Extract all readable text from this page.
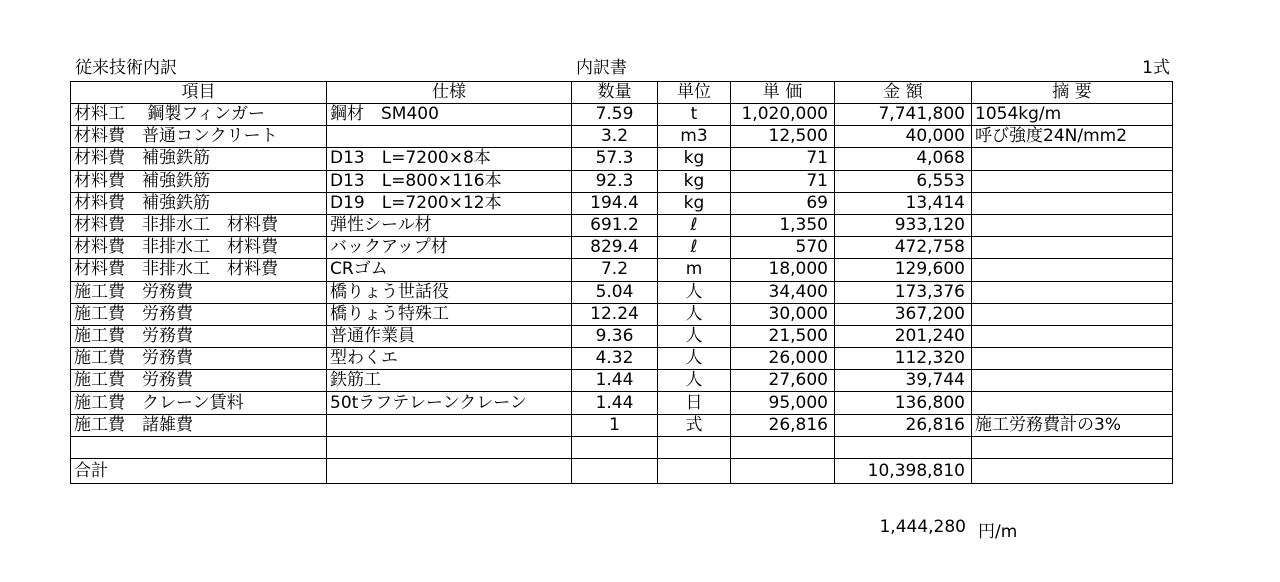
従来技術内訳	内訳書	1式
項目	仕様	数量	単位	単 価	金 額	摘 要
材料工　 鋼製フィンガー	鋼材　SM400	7.59	t	1,020,000	7,741,800	1054kg/m
材料費　普通コンクリート		3.2	m3	12,500	40,000	呼び強度24N/mm2
材料費　補強鉄筋	D13　L=7200×8本	57.3	kg	71	4,068	
材料費　補強鉄筋	D13　L=800×116本	92.3	kg	71	6,553	
材料費　補強鉄筋	D19　L=7200×12本	194.4	kg	69	13,414	
材料費　非排水工　材料費	弾性シール材	691.2	ℓ	1,350	933,120	
材料費　非排水工　材料費	バックアップ材	829.4	ℓ	570	472,758	
材料費　非排水工　材料費	CRゴム	7.2	m	18,000	129,600	
施工費　労務費	橋りょう世話役	5.04	人	34,400	173,376	
施工費　労務費	橋りょう特殊工	12.24	人	30,000	367,200	
施工費　労務費	普通作業員	9.36	人	21,500	201,240	
施工費　労務費	型わくエ	4.32	人	26,000	112,320	
施工費　労務費	鉄筋工	1.44	人	27,600	39,744	
施工費　クレーン賃料	50tラフテレーンクレーン	1.44	日	95,000	136,800	
施工費　諸雑費		1	式	26,816	26,816	施工労務費計の3%

合計					10,398,810	
1,444,280 円/m
